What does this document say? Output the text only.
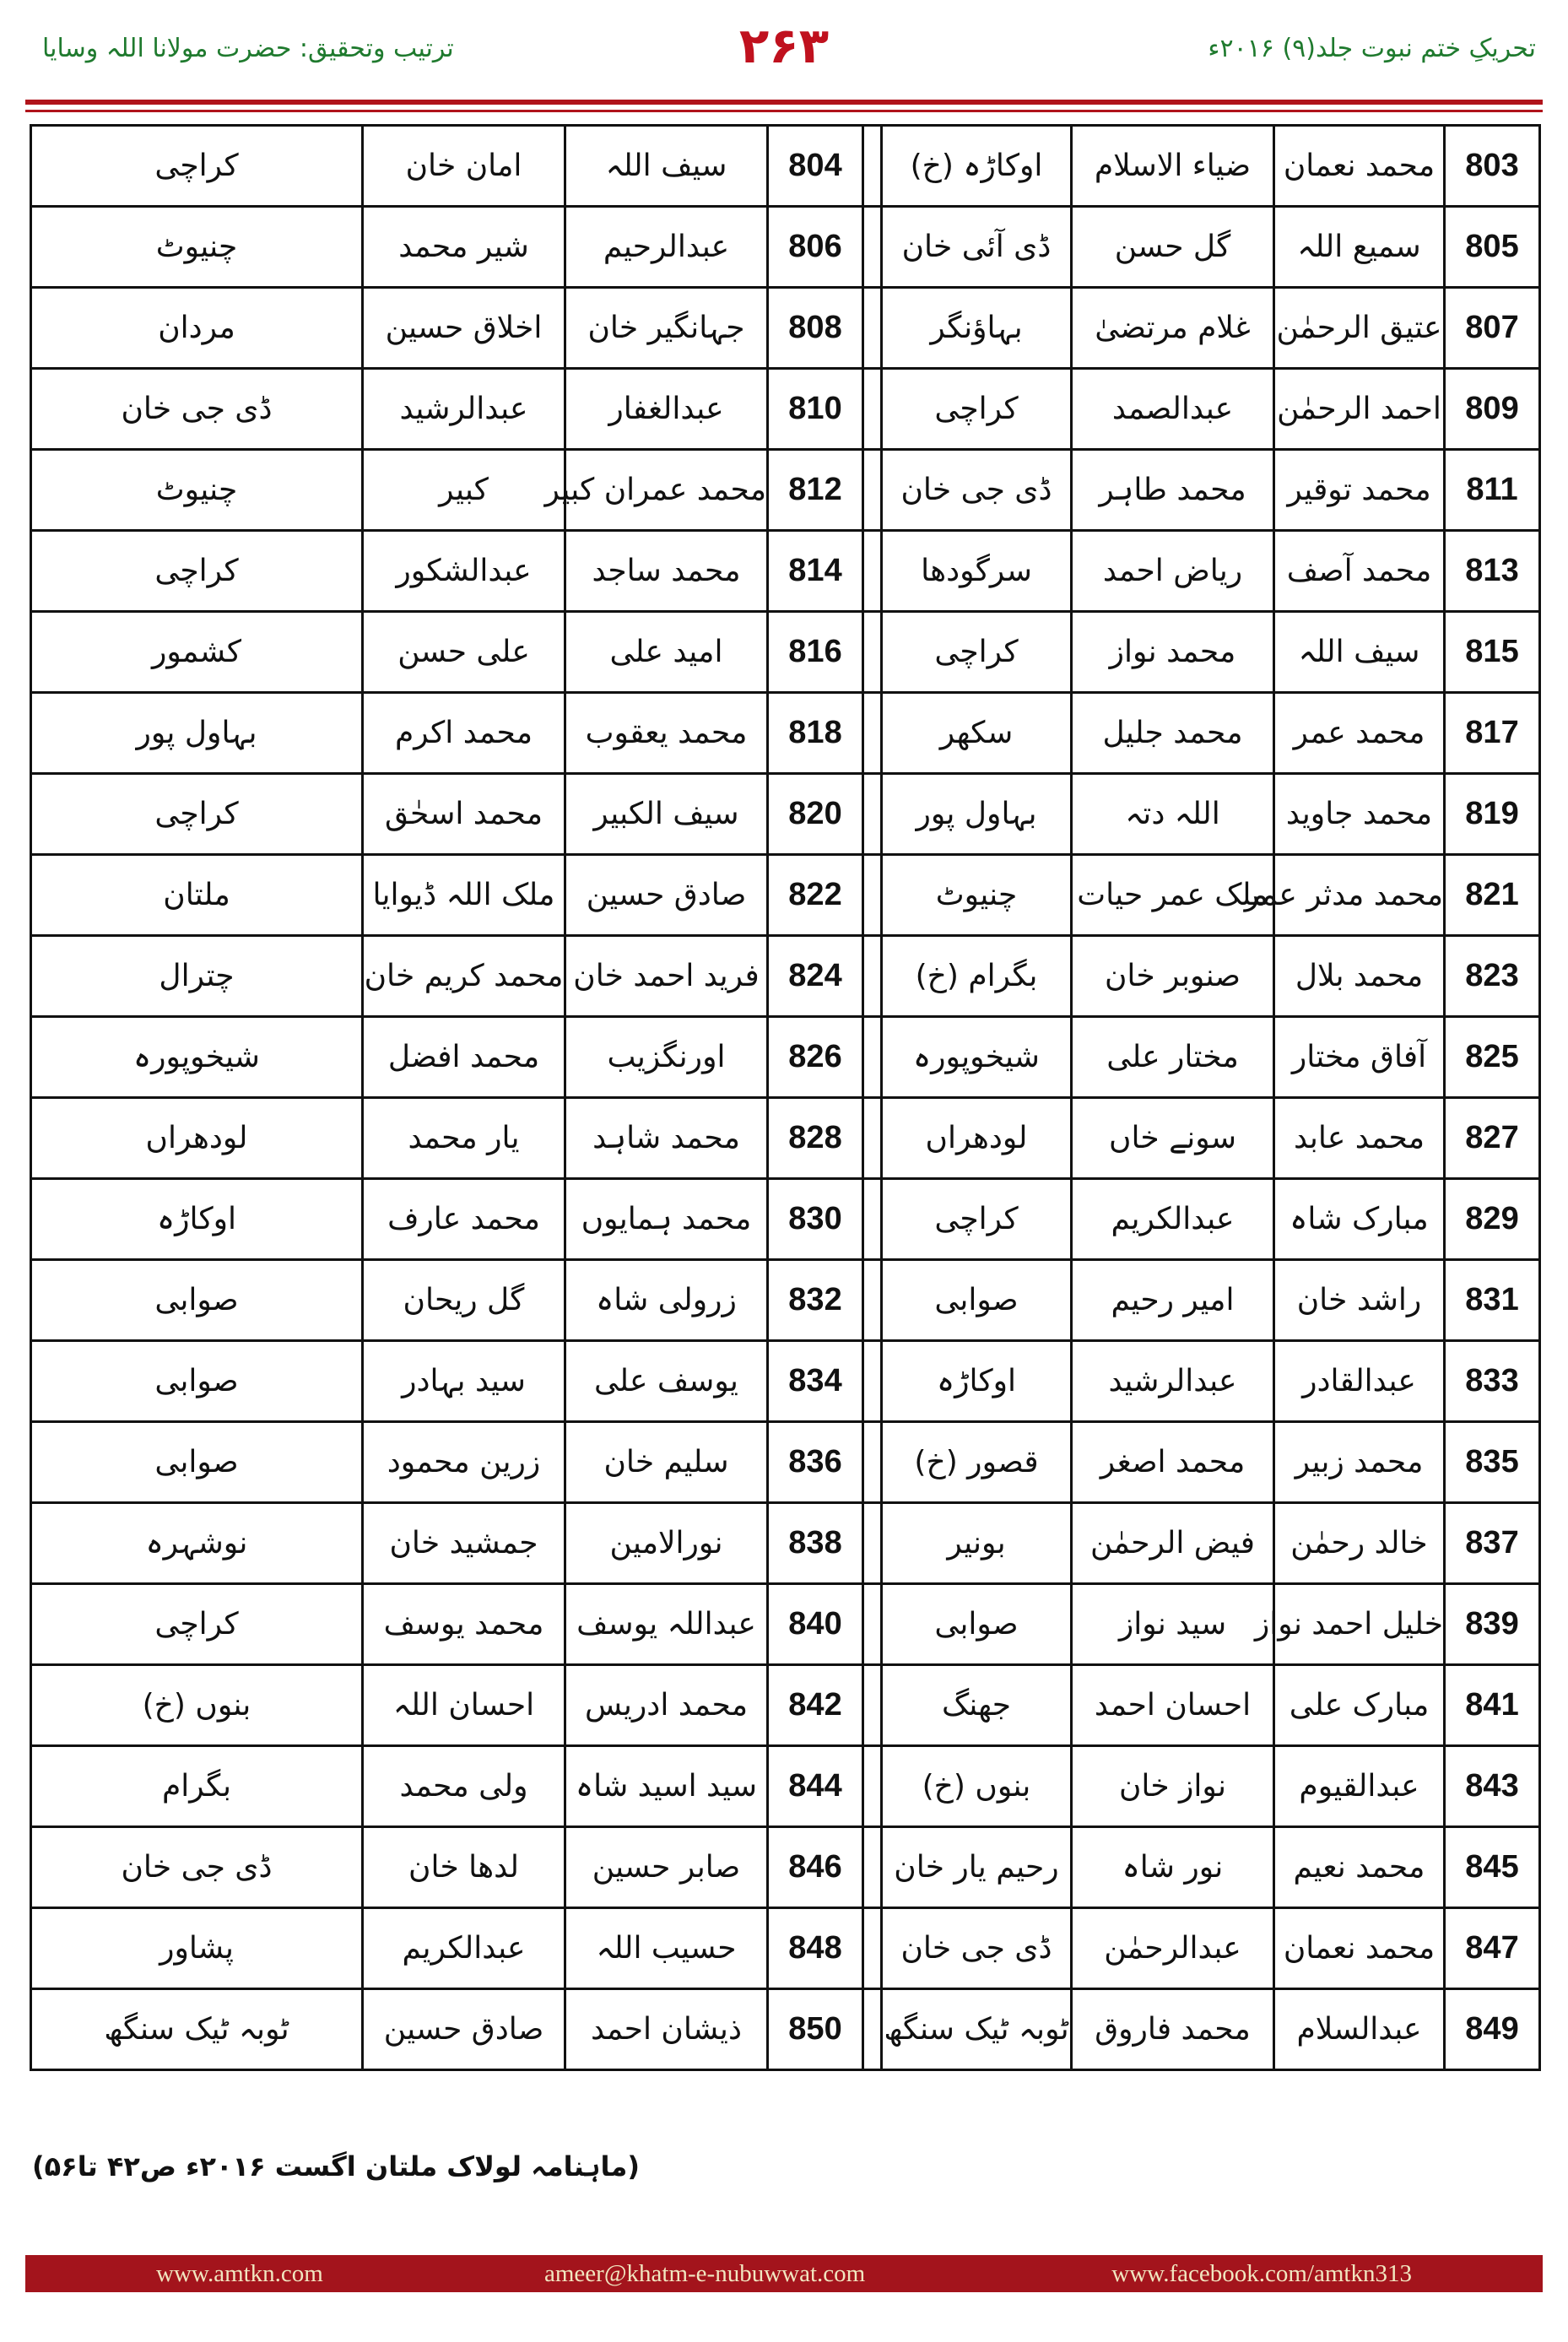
ترتیب وتحقیق: حضرت مولانا اللہ وسایا	۲۶۳	تحریکِ ختم نبوت جلد(۹) ۲۰۱۶ء
803	محمد نعمان	ضیاء الاسلام	اوکاڑہ (خ)		804	سیف اللہ	امان خان	کراچی
805	سمیع اللہ	گل حسن	ڈی آئی خان		806	عبدالرحیم	شیر محمد	چنیوٹ
807	عتیق الرحمٰن	غلام مرتضیٰ	بہاؤنگر		808	جہانگیر خان	اخلاق حسین	مردان
809	احمد الرحمٰن	عبدالصمد	کراچی		810	عبدالغفار	عبدالرشید	ڈی جی خان
811	محمد توقیر	محمد طاہر	ڈی جی خان		812	محمد عمران کبیر	کبیر	چنیوٹ
813	محمد آصف	ریاض احمد	سرگودھا		814	محمد ساجد	عبدالشکور	کراچی
815	سیف اللہ	محمد نواز	کراچی		816	امید علی	علی حسن	کشمور
817	محمد عمر	محمد جلیل	سکھر		818	محمد یعقوب	محمد اکرم	بہاول پور
819	محمد جاوید	اللہ دتہ	بہاول پور		820	سیف الکبیر	محمد اسحٰق	کراچی
821	محمد مدثر عمر	ملک عمر حیات	چنیوٹ		822	صادق حسین	ملک اللہ ڈیوایا	ملتان
823	محمد بلال	صنوبر خان	بگرام (خ)		824	فرید احمد خان	محمد کریم خان	چترال
825	آفاق مختار	مختار علی	شیخوپورہ		826	اورنگزیب	محمد افضل	شیخوپورہ
827	محمد عابد	سونے خاں	لودھراں		828	محمد شاہد	یار محمد	لودھراں
829	مبارک شاہ	عبدالکریم	کراچی		830	محمد ہمایوں	محمد عارف	اوکاڑہ
831	راشد خان	امیر رحیم	صوابی		832	زرولی شاہ	گل ریحان	صوابی
833	عبدالقادر	عبدالرشید	اوکاڑہ		834	یوسف علی	سید بہادر	صوابی
835	محمد زبیر	محمد اصغر	قصور (خ)		836	سلیم خان	زرین محمود	صوابی
837	خالد رحمٰن	فیض الرحمٰن	بونیر		838	نورالامین	جمشید خان	نوشہرہ
839	خلیل احمد نواز	سید نواز	صوابی		840	عبداللہ یوسف	محمد یوسف	کراچی
841	مبارک علی	احسان احمد	جھنگ		842	محمد ادریس	احسان اللہ	بنوں (خ)
843	عبدالقیوم	نواز خان	بنوں (خ)		844	سید اسید شاہ	ولی محمد	بگرام
845	محمد نعیم	نور شاہ	رحیم یار خان		846	صابر حسین	لدھا خان	ڈی جی خان
847	محمد نعمان	عبدالرحمٰن	ڈی جی خان		848	حسیب اللہ	عبدالکریم	پشاور
849	عبدالسلام	محمد فاروق	ٹوبہ ٹیک سنگھ		850	ذیشان احمد	صادق حسین	ٹوبہ ٹیک سنگھ
(ماہنامہ لولاک ملتان اگست ۲۰۱۶ء ص۴۲ تا۵۶)
www.amtkn.com	ameer@khatm-e-nubuwwat.com	www.facebook.com/amtkn313
